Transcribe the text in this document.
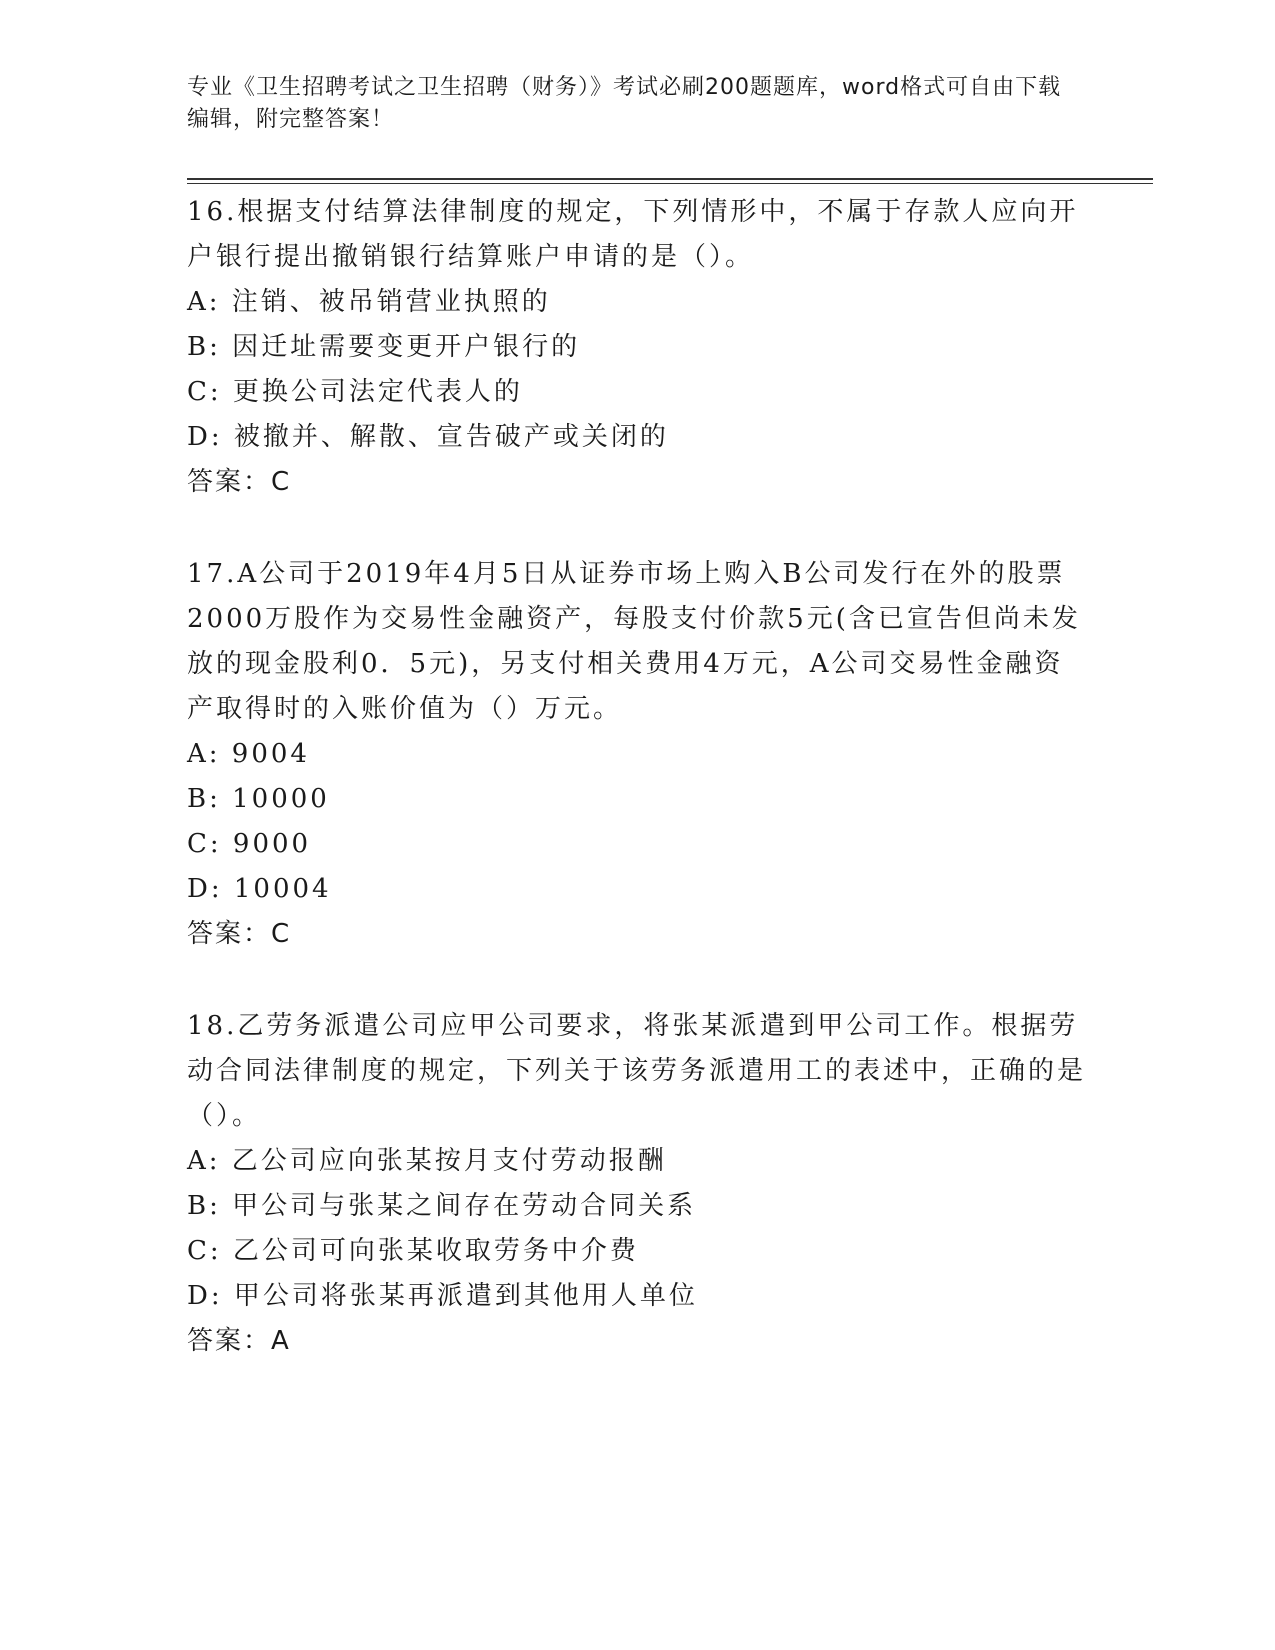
专业《卫生招聘考试之卫生招聘（财务）》考试必刷200题题库，word格式可自由下载编辑，附完整答案！

16.根据支付结算法律制度的规定，下列情形中，不属于存款人应向开户银行提出撤销银行结算账户申请的是（）。

A: 注销、被吊销营业执照的

B: 因迁址需要变更开户银行的

C: 更换公司法定代表人的

D: 被撤并、解散、宣告破产或关闭的

答案：C

17.A公司于2019年4月5日从证券市场上购入B公司发行在外的股票2000万股作为交易性金融资产，每股支付价款5元(含已宣告但尚未发放的现金股利0．5元)，另支付相关费用4万元，A公司交易性金融资产取得时的入账价值为（）万元。

A: 9004

B: 10000

C: 9000

D: 10004

答案：C

18.乙劳务派遣公司应甲公司要求，将张某派遣到甲公司工作。根据劳动合同法律制度的规定，下列关于该劳务派遣用工的表述中，正确的是（）。

A: 乙公司应向张某按月支付劳动报酬

B: 甲公司与张某之间存在劳动合同关系

C: 乙公司可向张某收取劳务中介费

D: 甲公司将张某再派遣到其他用人单位

答案：A
